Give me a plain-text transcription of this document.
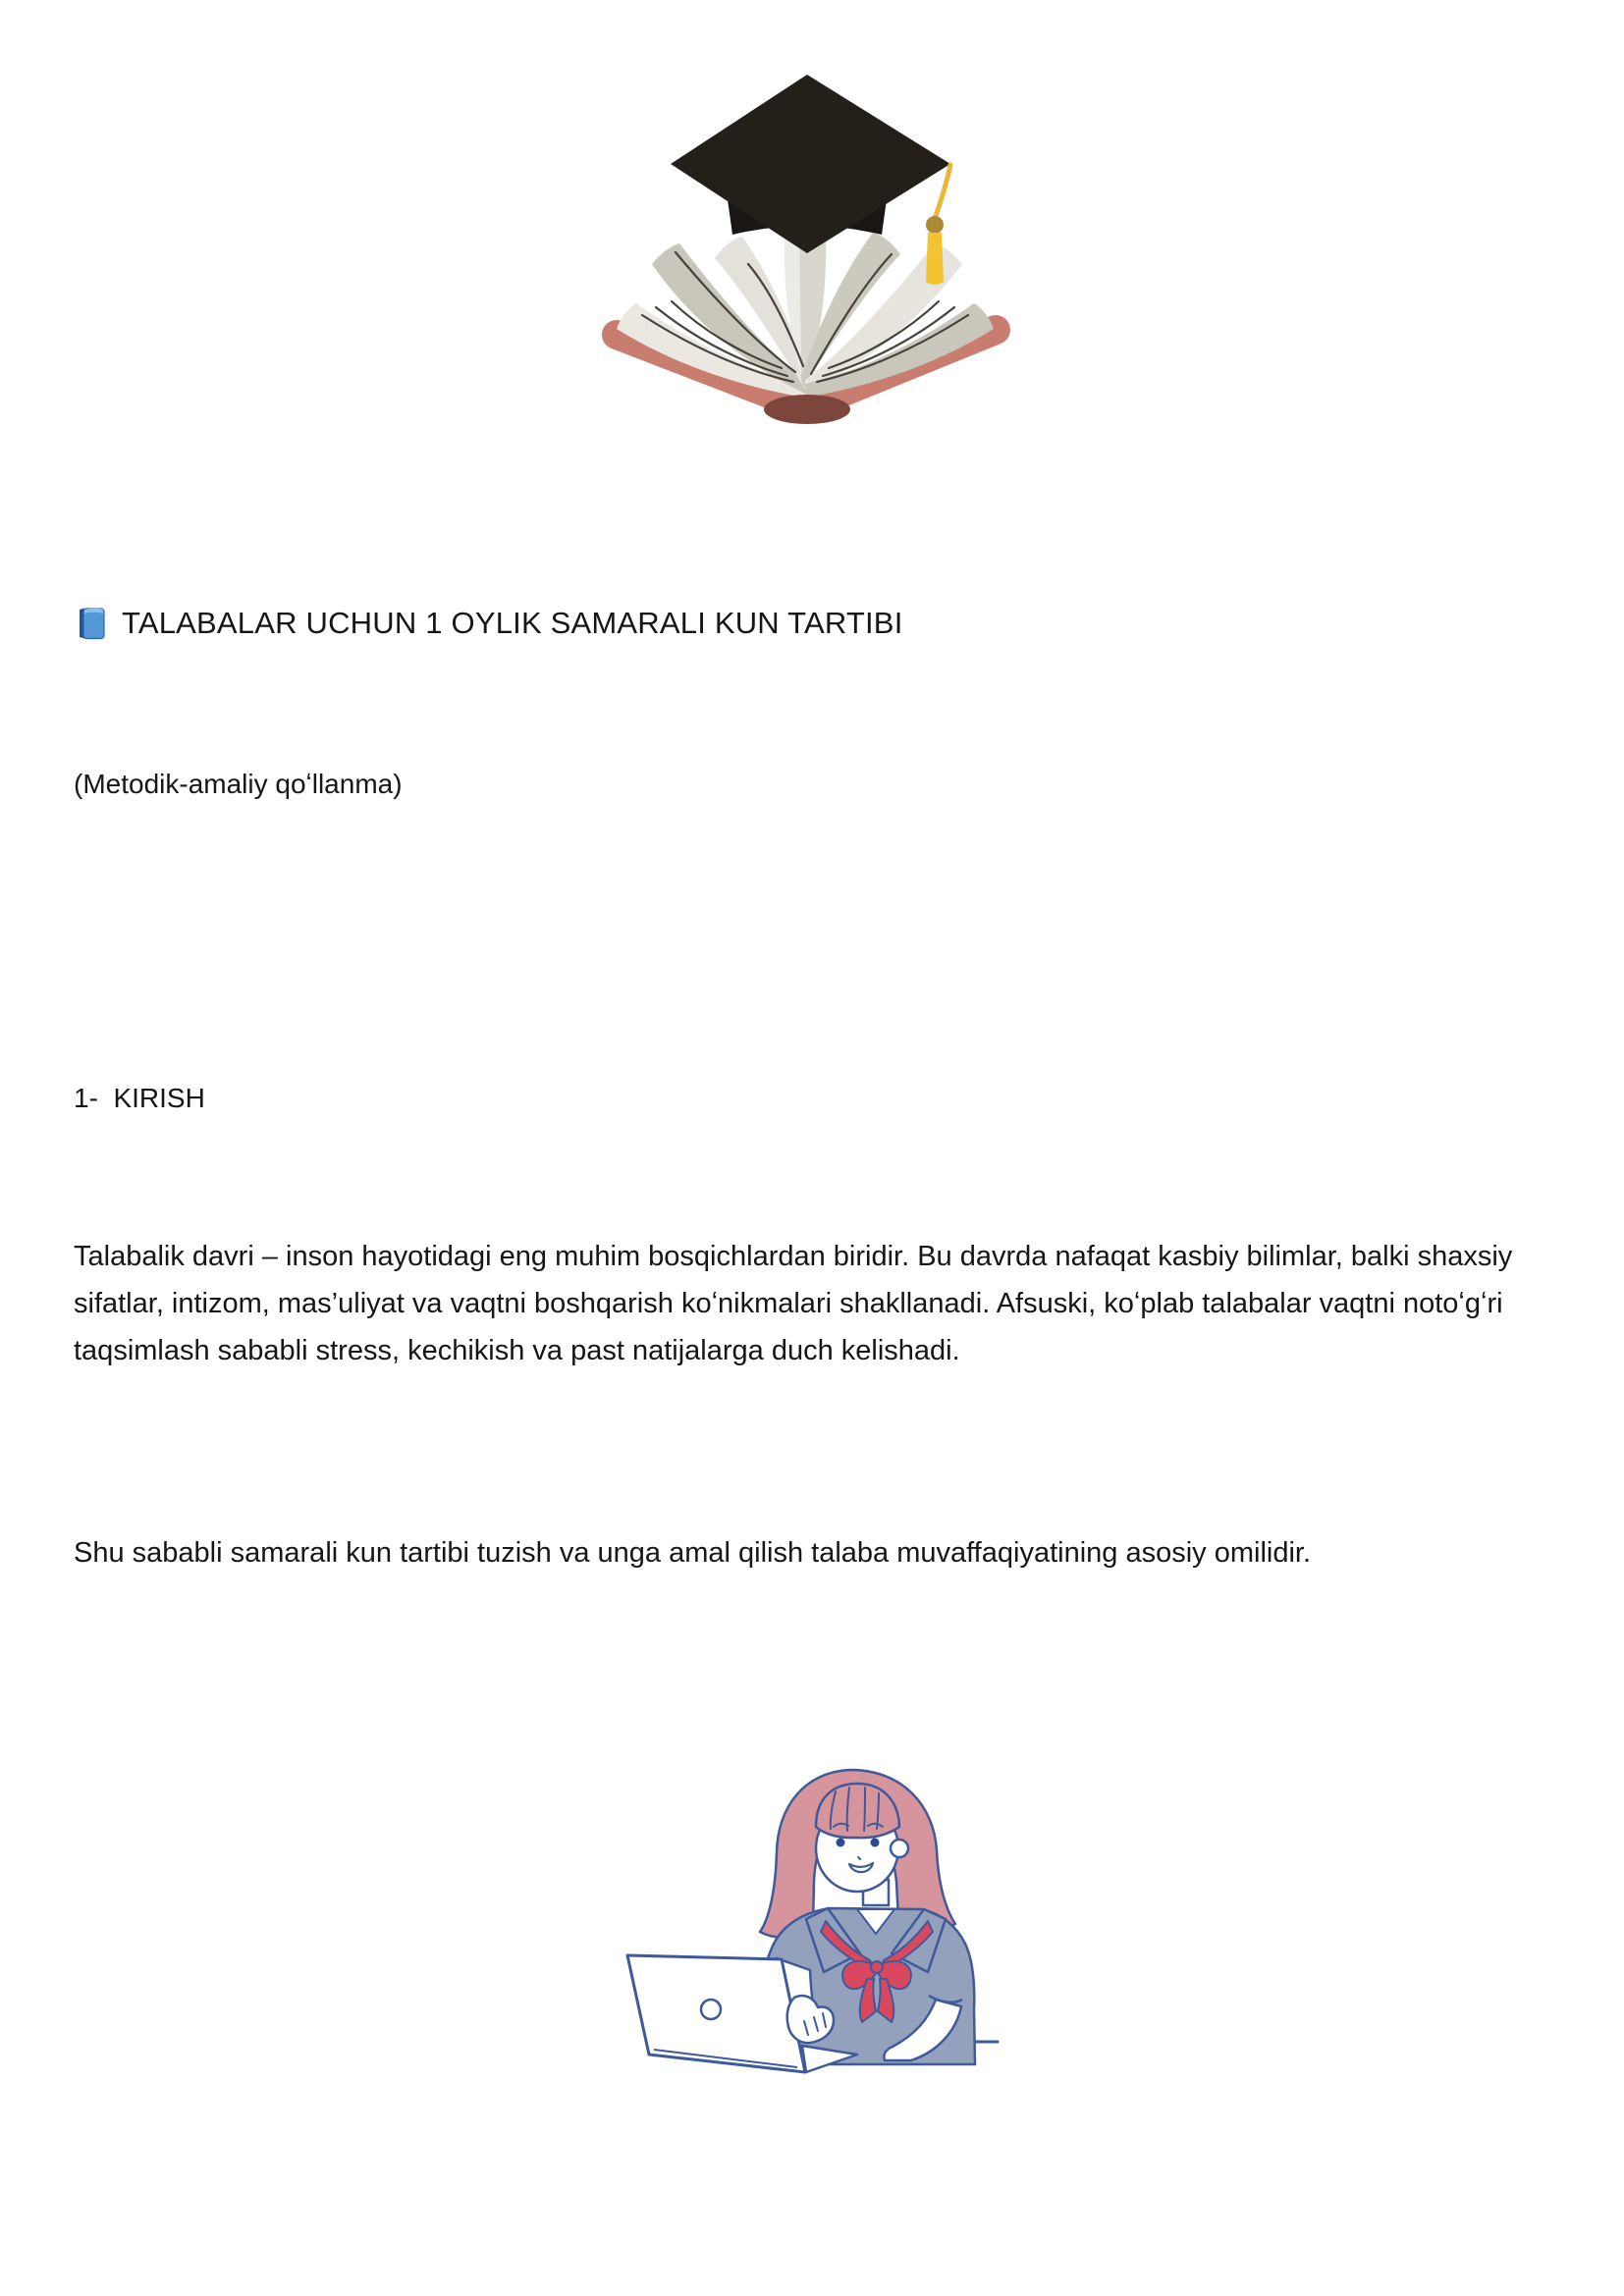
TALABALAR UCHUN 1 OYLIK SAMARALI KUN TARTIBI

(Metodik-amaliy qoʻllanma)

1-  KIRISH

Talabalik davri – inson hayotidagi eng muhim bosqichlardan biridir. Bu davrda nafaqat kasbiy bilimlar, balki shaxsiy sifatlar, intizom, mas’uliyat va vaqtni boshqarish koʻnikmalari shakllanadi. Afsuski, koʻplab talabalar vaqtni notoʻgʻri taqsimlash sababli stress, kechikish va past natijalarga duch kelishadi.

Shu sababli samarali kun tartibi tuzish va unga amal qilish talaba muvaffaqiyatining asosiy omilidir.
